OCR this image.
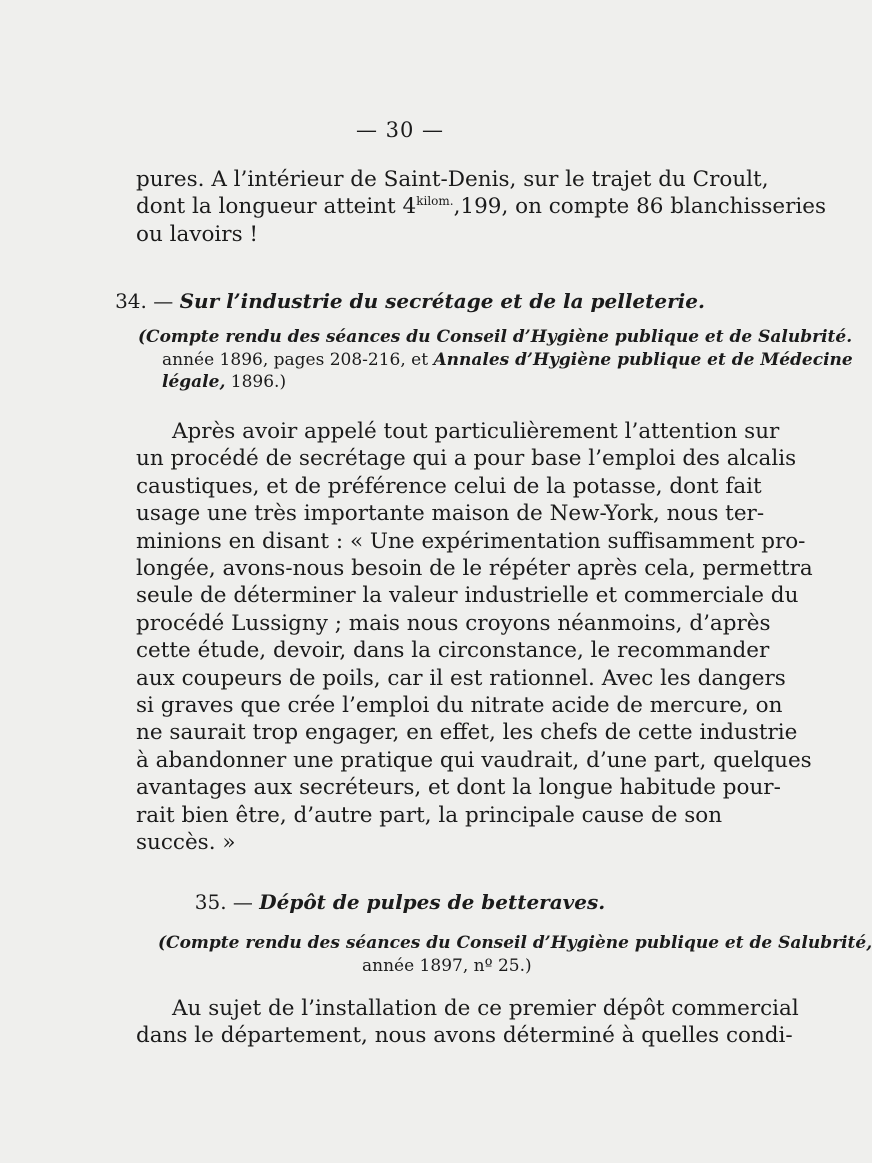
— 30 —
pures. A l’intérieur de Saint-Denis, sur le trajet du Croult,
dont la longueur atteint $4^{kilom.},199$, on compte 86 blanchisseries
ou lavoirs !
34. — Sur l’industrie du secrétage et de la pelleterie.
(Compte rendu des séances du Conseil d’Hygiène publique et de Salubrité.
année 1896, pages 208-216, et Annales d’Hygiène publique et de Médecine
légale, 1896.)
Après avoir appelé tout particulièrement l’attention sur
un procédé de secrétage qui a pour base l’emploi des alcalis
caustiques, et de préférence celui de la potasse, dont fait
usage une très importante maison de New-York, nous ter-
minions en disant : « Une expérimentation suffisamment pro-
longée, avons-nous besoin de le répéter après cela, permettra
seule de déterminer la valeur industrielle et commerciale du
procédé Lussigny ; mais nous croyons néanmoins, d’après
cette étude, devoir, dans la circonstance, le recommander
aux coupeurs de poils, car il est rationnel. Avec les dangers
si graves que crée l’emploi du nitrate acide de mercure, on
ne saurait trop engager, en effet, les chefs de cette industrie
à abandonner une pratique qui vaudrait, d’une part, quelques
avantages aux secréteurs, et dont la longue habitude pour-
rait bien être, d’autre part, la principale cause de son
succès. »
35. — Dépôt de pulpes de betteraves.
(Compte rendu des séances du Conseil d’Hygiène publique et de Salubrité,
année 1897, nº 25.)
Au sujet de l’installation de ce premier dépôt commercial
dans le département, nous avons déterminé à quelles condi-
